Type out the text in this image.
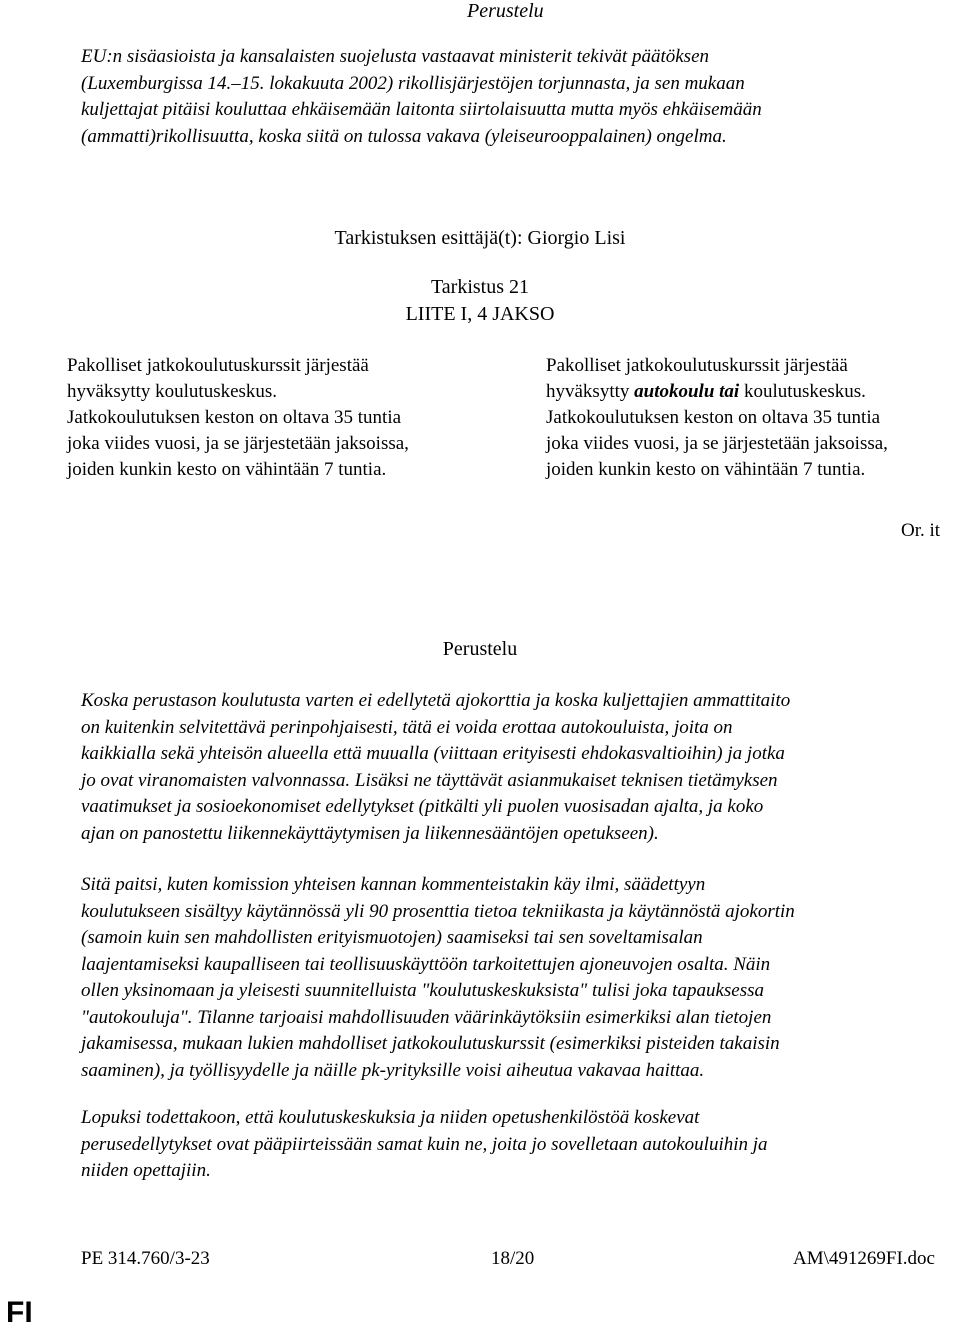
Perustelu
EU:n sisäasioista ja kansalaisten suojelusta vastaavat ministerit tekivät päätöksen
(Luxemburgissa 14.–15. lokakuuta 2002) rikollisjärjestöjen torjunnasta, ja sen mukaan
kuljettajat pitäisi kouluttaa ehkäisemään laitonta siirtolaisuutta mutta myös ehkäisemään
(ammatti)rikollisuutta, koska siitä on tulossa vakava (yleiseurooppalainen) ongelma.
Tarkistuksen esittäjä(t): Giorgio Lisi
Tarkistus 21
LIITE I, 4 JAKSO
Pakolliset jatkokoulutuskurssit järjestää
hyväksytty koulutuskeskus.
Jatkokoulutuksen keston on oltava 35 tuntia
joka viides vuosi, ja se järjestetään jaksoissa,
joiden kunkin kesto on vähintään 7 tuntia.
Pakolliset jatkokoulutuskurssit järjestää
hyväksytty autokoulu tai koulutuskeskus.
Jatkokoulutuksen keston on oltava 35 tuntia
joka viides vuosi, ja se järjestetään jaksoissa,
joiden kunkin kesto on vähintään 7 tuntia.
Or. it
Perustelu
Koska perustason koulutusta varten ei edellytetä ajokorttia ja koska kuljettajien ammattitaito
on kuitenkin selvitettävä perinpohjaisesti, tätä ei voida erottaa autokouluista, joita on
kaikkialla sekä yhteisön alueella että muualla (viittaan erityisesti ehdokasvaltioihin) ja jotka
jo ovat viranomaisten valvonnassa. Lisäksi ne täyttävät asianmukaiset teknisen tietämyksen
vaatimukset ja sosioekonomiset edellytykset (pitkälti yli puolen vuosisadan ajalta, ja koko
ajan on panostettu liikennekäyttäytymisen ja liikennesääntöjen opetukseen).
Sitä paitsi, kuten komission yhteisen kannan kommenteistakin käy ilmi, säädettyyn
koulutukseen sisältyy käytännössä yli 90 prosenttia tietoa tekniikasta ja käytännöstä ajokortin
(samoin kuin sen mahdollisten erityismuotojen) saamiseksi tai sen soveltamisalan
laajentamiseksi kaupalliseen tai teollisuuskäyttöön tarkoitettujen ajoneuvojen osalta. Näin
ollen yksinomaan ja yleisesti suunnitelluista "koulutuskeskuksista" tulisi joka tapauksessa
"autokouluja". Tilanne tarjoaisi mahdollisuuden väärinkäytöksiin esimerkiksi alan tietojen
jakamisessa, mukaan lukien mahdolliset jatkokoulutuskurssit (esimerkiksi pisteiden takaisin
saaminen), ja työllisyydelle ja näille pk-yrityksille voisi aiheutua vakavaa haittaa.
Lopuksi todettakoon, että koulutuskeskuksia ja niiden opetushenkilöstöä koskevat
perusedellytykset ovat pääpiirteissään samat kuin ne, joita jo sovelletaan autokouluihin ja
niiden opettajiin.
PE 314.760/3-23	18/20	AM\491269FI.doc
FI
